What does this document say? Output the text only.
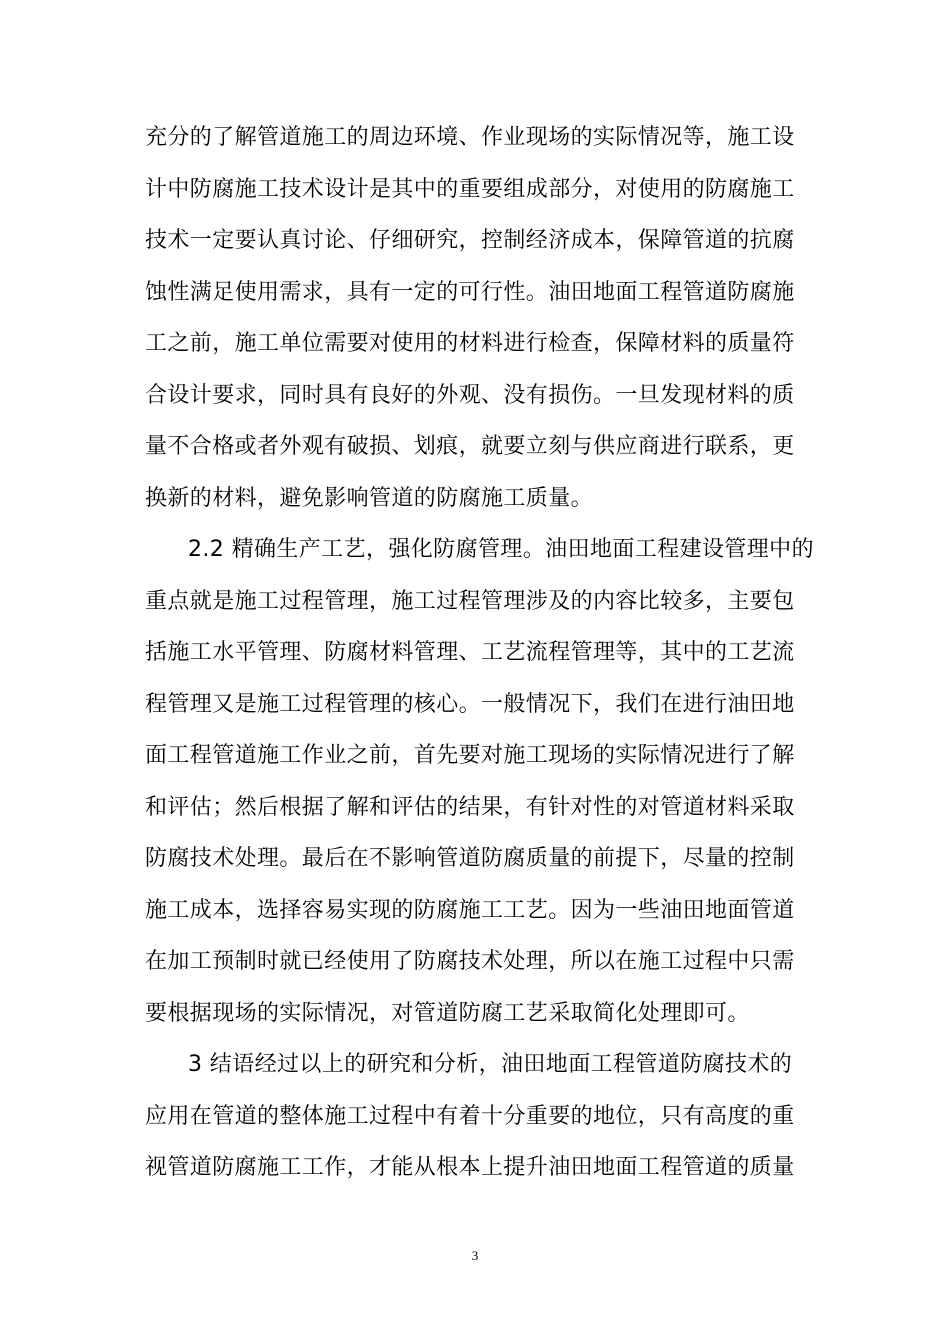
充分的了解管道施工的周边环境、作业现场的实际情况等，施工设
计中防腐施工技术设计是其中的重要组成部分，对使用的防腐施工
技术一定要认真讨论、仔细研究，控制经济成本，保障管道的抗腐
蚀性满足使用需求，具有一定的可行性。油田地面工程管道防腐施
工之前，施工单位需要对使用的材料进行检查，保障材料的质量符
合设计要求，同时具有良好的外观、没有损伤。一旦发现材料的质
量不合格或者外观有破损、划痕，就要立刻与供应商进行联系，更
换新的材料，避免影响管道的防腐施工质量。
2.2 精确生产工艺，强化防腐管理。油田地面工程建设管理中的
重点就是施工过程管理，施工过程管理涉及的内容比较多，主要包
括施工水平管理、防腐材料管理、工艺流程管理等，其中的工艺流
程管理又是施工过程管理的核心。一般情况下，我们在进行油田地
面工程管道施工作业之前，首先要对施工现场的实际情况进行了解
和评估；然后根据了解和评估的结果，有针对性的对管道材料采取
防腐技术处理。最后在不影响管道防腐质量的前提下，尽量的控制
施工成本，选择容易实现的防腐施工工艺。因为一些油田地面管道
在加工预制时就已经使用了防腐技术处理，所以在施工过程中只需
要根据现场的实际情况，对管道防腐工艺采取简化处理即可。
3 结语经过以上的研究和分析，油田地面工程管道防腐技术的
应用在管道的整体施工过程中有着十分重要的地位，只有高度的重
视管道防腐施工工作，才能从根本上提升油田地面工程管道的质量
3
